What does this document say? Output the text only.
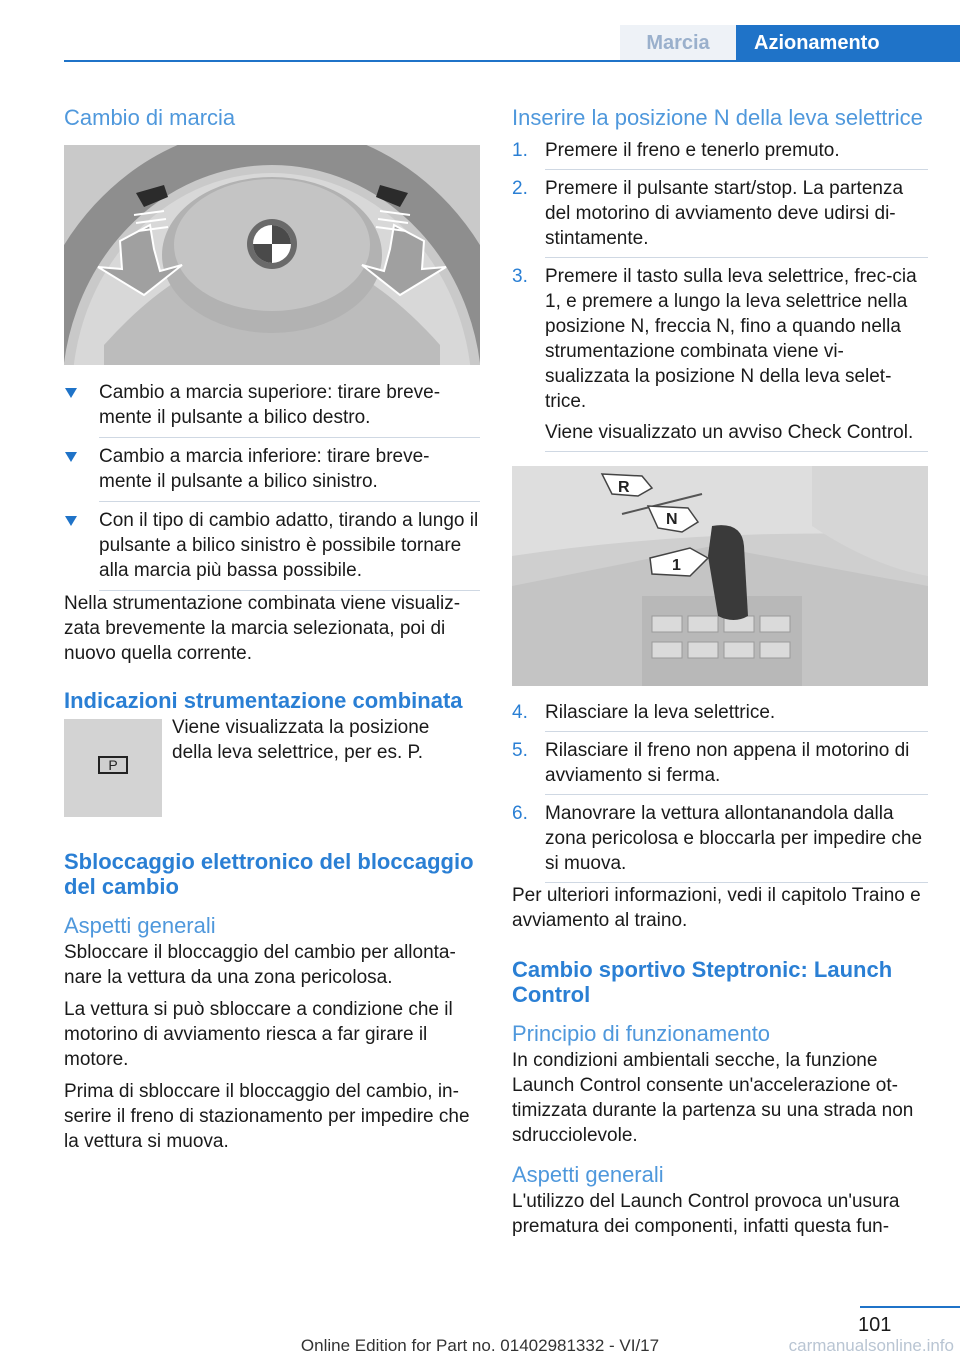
Marcia	Azionamento
Cambio di marcia
Cambio a marcia superiore: tirare breve-mente il pulsante a bilico destro.
Cambio a marcia inferiore: tirare breve-mente il pulsante a bilico sinistro.
Con il tipo di cambio adatto, tirando a lungo il pulsante a bilico sinistro è possibile tornare alla marcia più bassa possibile.

Nella strumentazione combinata viene visualiz-zata brevemente la marcia selezionata, poi di nuovo quella corrente.

Indicazioni strumentazione combinata
P

Viene visualizzata la posizione della leva selettrice, per es. P.

Sbloccaggio elettronico del bloccaggio del cambio
Aspetti generali

Sbloccare il bloccaggio del cambio per allonta-nare la vettura da una zona pericolosa.

La vettura si può sbloccare a condizione che il motorino di avviamento riesca a far girare il motore.

Prima di sbloccare il bloccaggio del cambio, in-serire il freno di stazionamento per impedire che la vettura si muova.

Inserire la posizione N della leva selettrice
1. Premere il freno e tenerlo premuto.
2. Premere il pulsante start/stop. La partenza del motorino di avviamento deve udirsi di-stintamente.
3. Premere il tasto sulla leva selettrice, frec-cia 1, e premere a lungo la leva selettrice nella posizione N, freccia N, fino a quando nella strumentazione combinata viene vi-sualizzata la posizione N della leva selet-trice.
Viene visualizzato un avviso Check Control.
R
N
1
4. Rilasciare la leva selettrice.
5. Rilasciare il freno non appena il motorino di avviamento si ferma.
6. Manovrare la vettura allontanandola dalla zona pericolosa e bloccarla per impedire che si muova.

Per ulteriori informazioni, vedi il capitolo Traino e avviamento al traino.

Cambio sportivo Steptronic: Launch Control
Principio di funzionamento

In condizioni ambientali secche, la funzione Launch Control consente un'accelerazione ot-timizzata durante la partenza su una strada non sdrucciolevole.

Aspetti generali

L'utilizzo del Launch Control provoca un'usura prematura dei componenti, infatti questa fun-

101
Online Edition for Part no. 01402981332 - VI/17	carmanualsonline.info
